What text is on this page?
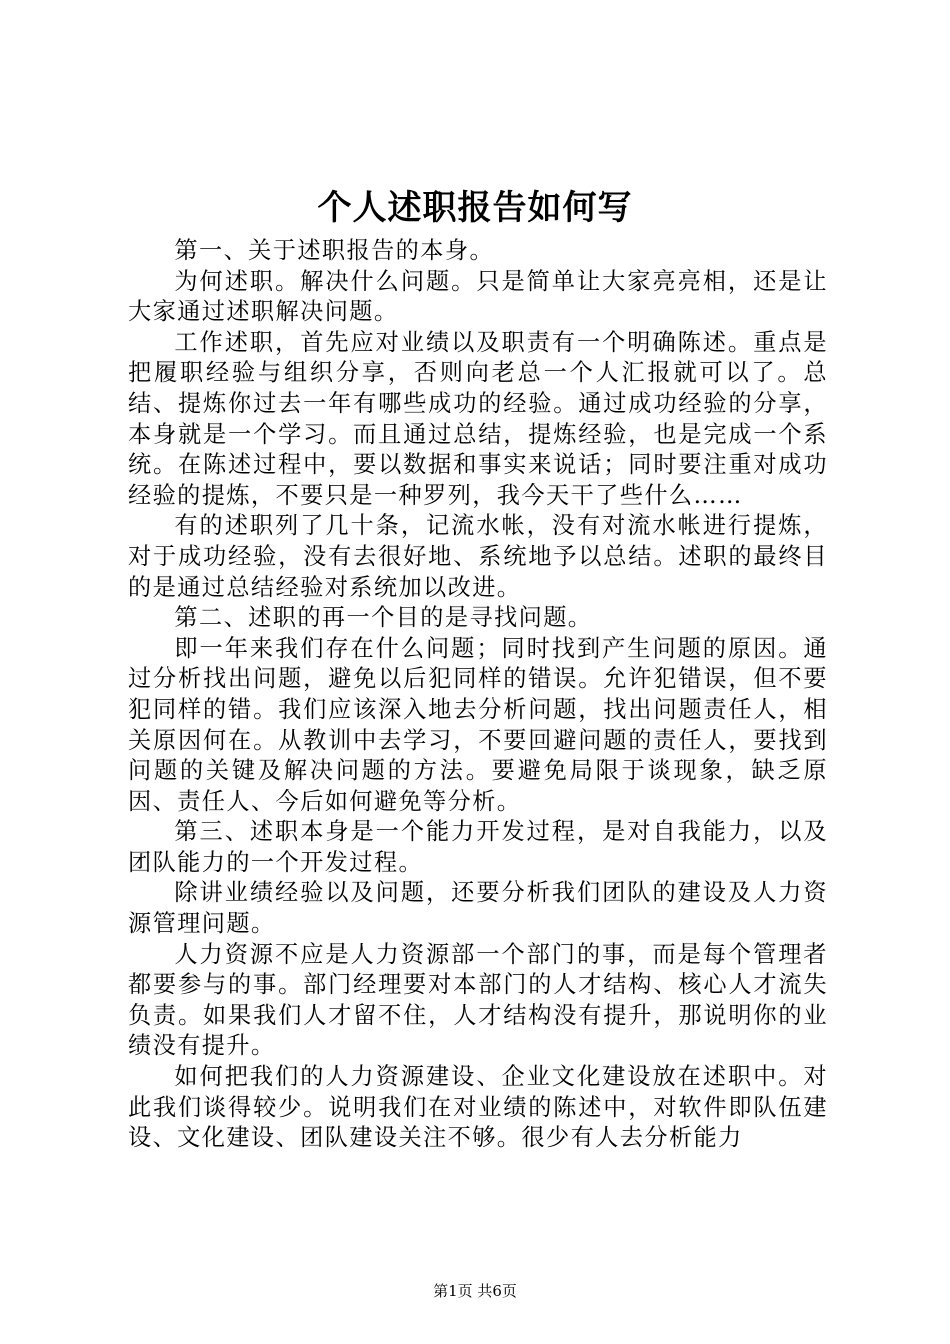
个人述职报告如何写

第一、关于述职报告的本身。

为何述职。解决什么问题。只是简单让大家亮亮相，还是让大家通过述职解决问题。

工作述职，首先应对业绩以及职责有一个明确陈述。重点是把履职经验与组织分享，否则向老总一个人汇报就可以了。总结、提炼你过去一年有哪些成功的经验。通过成功经验的分享，本身就是一个学习。而且通过总结，提炼经验，也是完成一个系统。在陈述过程中，要以数据和事实来说话；同时要注重对成功经验的提炼，不要只是一种罗列，我今天干了些什么……

有的述职列了几十条，记流水帐，没有对流水帐进行提炼，对于成功经验，没有去很好地、系统地予以总结。述职的最终目的是通过总结经验对系统加以改进。

第二、述职的再一个目的是寻找问题。

即一年来我们存在什么问题；同时找到产生问题的原因。通过分析找出问题，避免以后犯同样的错误。允许犯错误，但不要犯同样的错。我们应该深入地去分析问题，找出问题责任人，相关原因何在。从教训中去学习，不要回避问题的责任人，要找到问题的关键及解决问题的方法。要避免局限于谈现象，缺乏原因、责任人、今后如何避免等分析。

第三、述职本身是一个能力开发过程，是对自我能力，以及团队能力的一个开发过程。

除讲业绩经验以及问题，还要分析我们团队的建设及人力资源管理问题。

人力资源不应是人力资源部一个部门的事，而是每个管理者都要参与的事。部门经理要对本部门的人才结构、核心人才流失负责。如果我们人才留不住，人才结构没有提升，那说明你的业绩没有提升。

如何把我们的人力资源建设、企业文化建设放在述职中。对此我们谈得较少。说明我们在对业绩的陈述中，对软件即队伍建设、文化建设、团队建设关注不够。很少有人去分析能力

第1页 共6页
